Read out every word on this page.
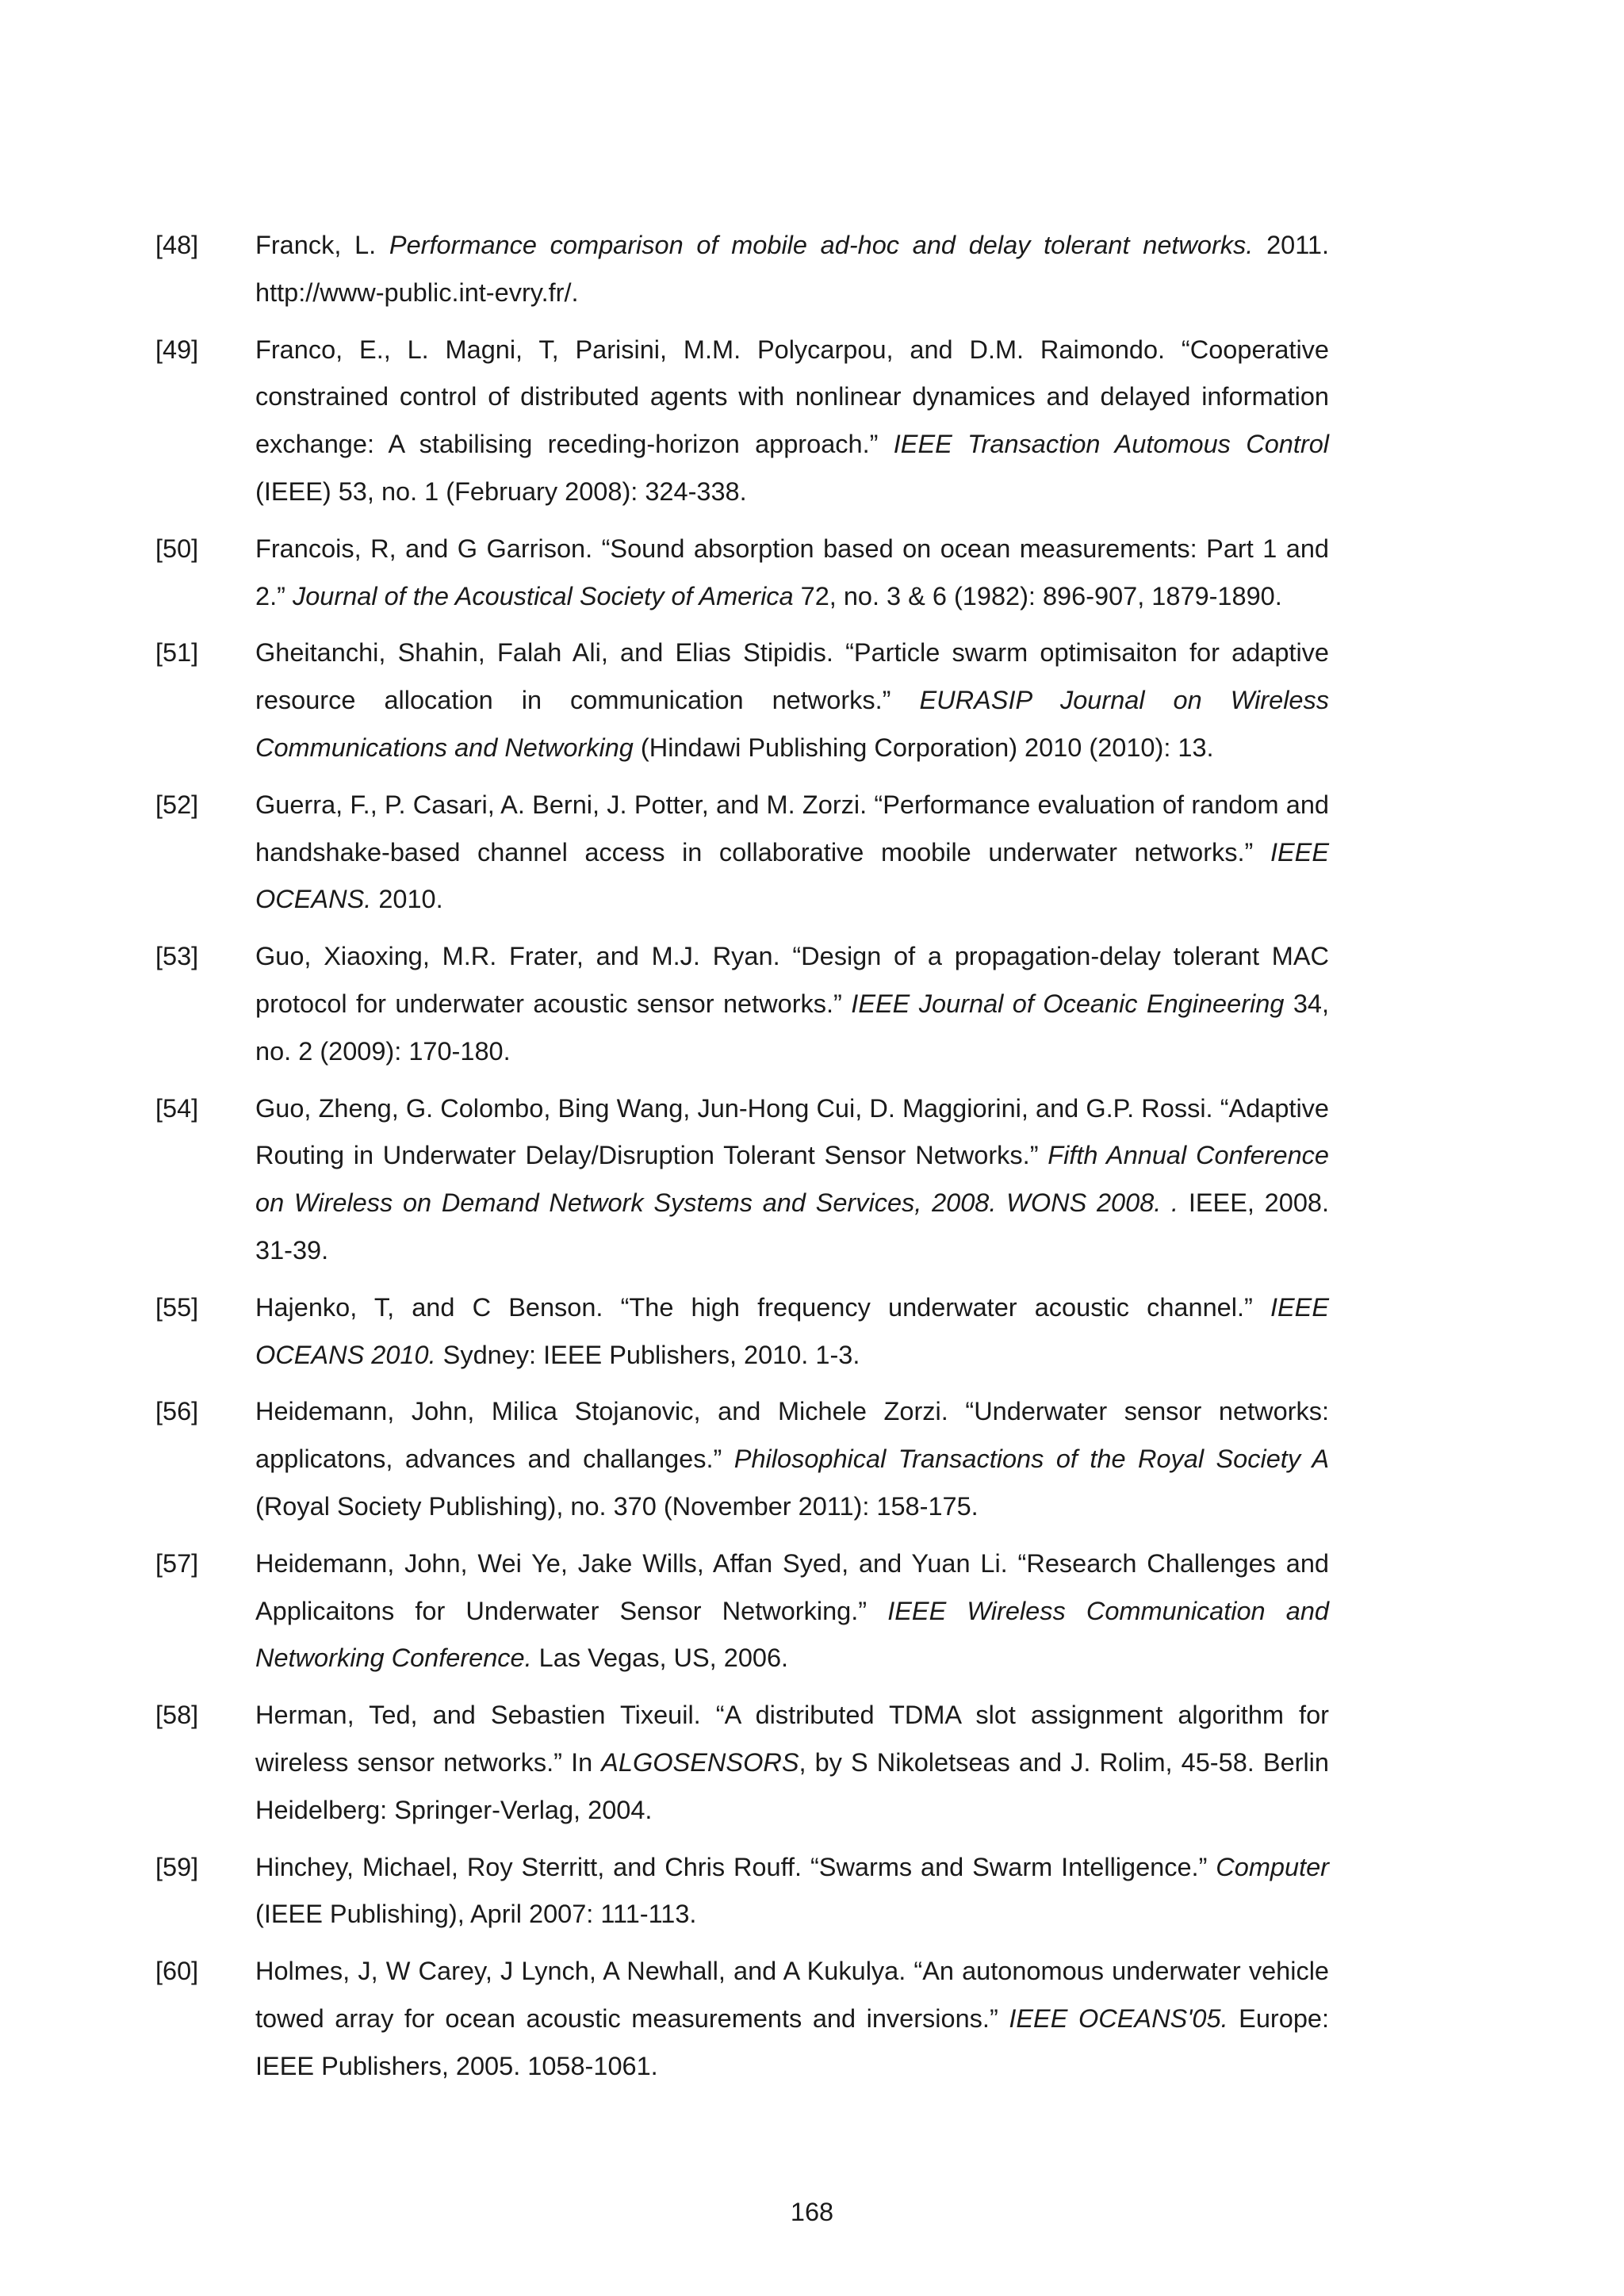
[48]	Franck, L. Performance comparison of mobile ad-hoc and delay tolerant networks. 2011. http://www-public.int-evry.fr/.
[49]	Franco, E., L. Magni, T, Parisini, M.M. Polycarpou, and D.M. Raimondo. “Cooperative constrained control of distributed agents with nonlinear dynamices and delayed information exchange: A stabilising receding-horizon approach.” IEEE Transaction Automous Control (IEEE) 53, no. 1 (February 2008): 324-338.
[50]	Francois, R, and G Garrison. “Sound absorption based on ocean measurements: Part 1 and 2.” Journal of the Acoustical Society of America 72, no. 3 & 6 (1982): 896-907, 1879-1890.
[51]	Gheitanchi, Shahin, Falah Ali, and Elias Stipidis. “Particle swarm optimisaiton for adaptive resource allocation in communication networks.” EURASIP Journal on Wireless Communications and Networking (Hindawi Publishing Corporation) 2010 (2010): 13.
[52]	Guerra, F., P. Casari, A. Berni, J. Potter, and M. Zorzi. “Performance evaluation of random and handshake-based channel access in collaborative moobile underwater networks.” IEEE OCEANS. 2010.
[53]	Guo, Xiaoxing, M.R. Frater, and M.J. Ryan. “Design of a propagation-delay tolerant MAC protocol for underwater acoustic sensor networks.” IEEE Journal of Oceanic Engineering 34, no. 2 (2009): 170-180.
[54]	Guo, Zheng, G. Colombo, Bing Wang, Jun-Hong Cui, D. Maggiorini, and G.P. Rossi. “Adaptive Routing in Underwater Delay/Disruption Tolerant Sensor Networks.” Fifth Annual Conference on Wireless on Demand Network Systems and Services, 2008. WONS 2008. . IEEE, 2008. 31-39.
[55]	Hajenko, T, and C Benson. “The high frequency underwater acoustic channel.” IEEE OCEANS 2010. Sydney: IEEE Publishers, 2010. 1-3.
[56]	Heidemann, John, Milica Stojanovic, and Michele Zorzi. “Underwater sensor networks: applicatons, advances and challanges.” Philosophical Transactions of the Royal Society A (Royal Society Publishing), no. 370 (November 2011): 158-175.
[57]	Heidemann, John, Wei Ye, Jake Wills, Affan Syed, and Yuan Li. “Research Challenges and Applicaitons for Underwater Sensor Networking.” IEEE Wireless Communication and Networking Conference. Las Vegas, US, 2006.
[58]	Herman, Ted, and Sebastien Tixeuil. “A distributed TDMA slot assignment algorithm for wireless sensor networks.” In ALGOSENSORS, by S Nikoletseas and J. Rolim, 45-58. Berlin Heidelberg: Springer-Verlag, 2004.
[59]	Hinchey, Michael, Roy Sterritt, and Chris Rouff. “Swarms and Swarm Intelligence.” Computer (IEEE Publishing), April 2007: 111-113.
[60]	Holmes, J, W Carey, J Lynch, A Newhall, and A Kukulya. “An autonomous underwater vehicle towed array for ocean acoustic measurements and inversions.” IEEE OCEANS'05. Europe: IEEE Publishers, 2005. 1058-1061.
168
